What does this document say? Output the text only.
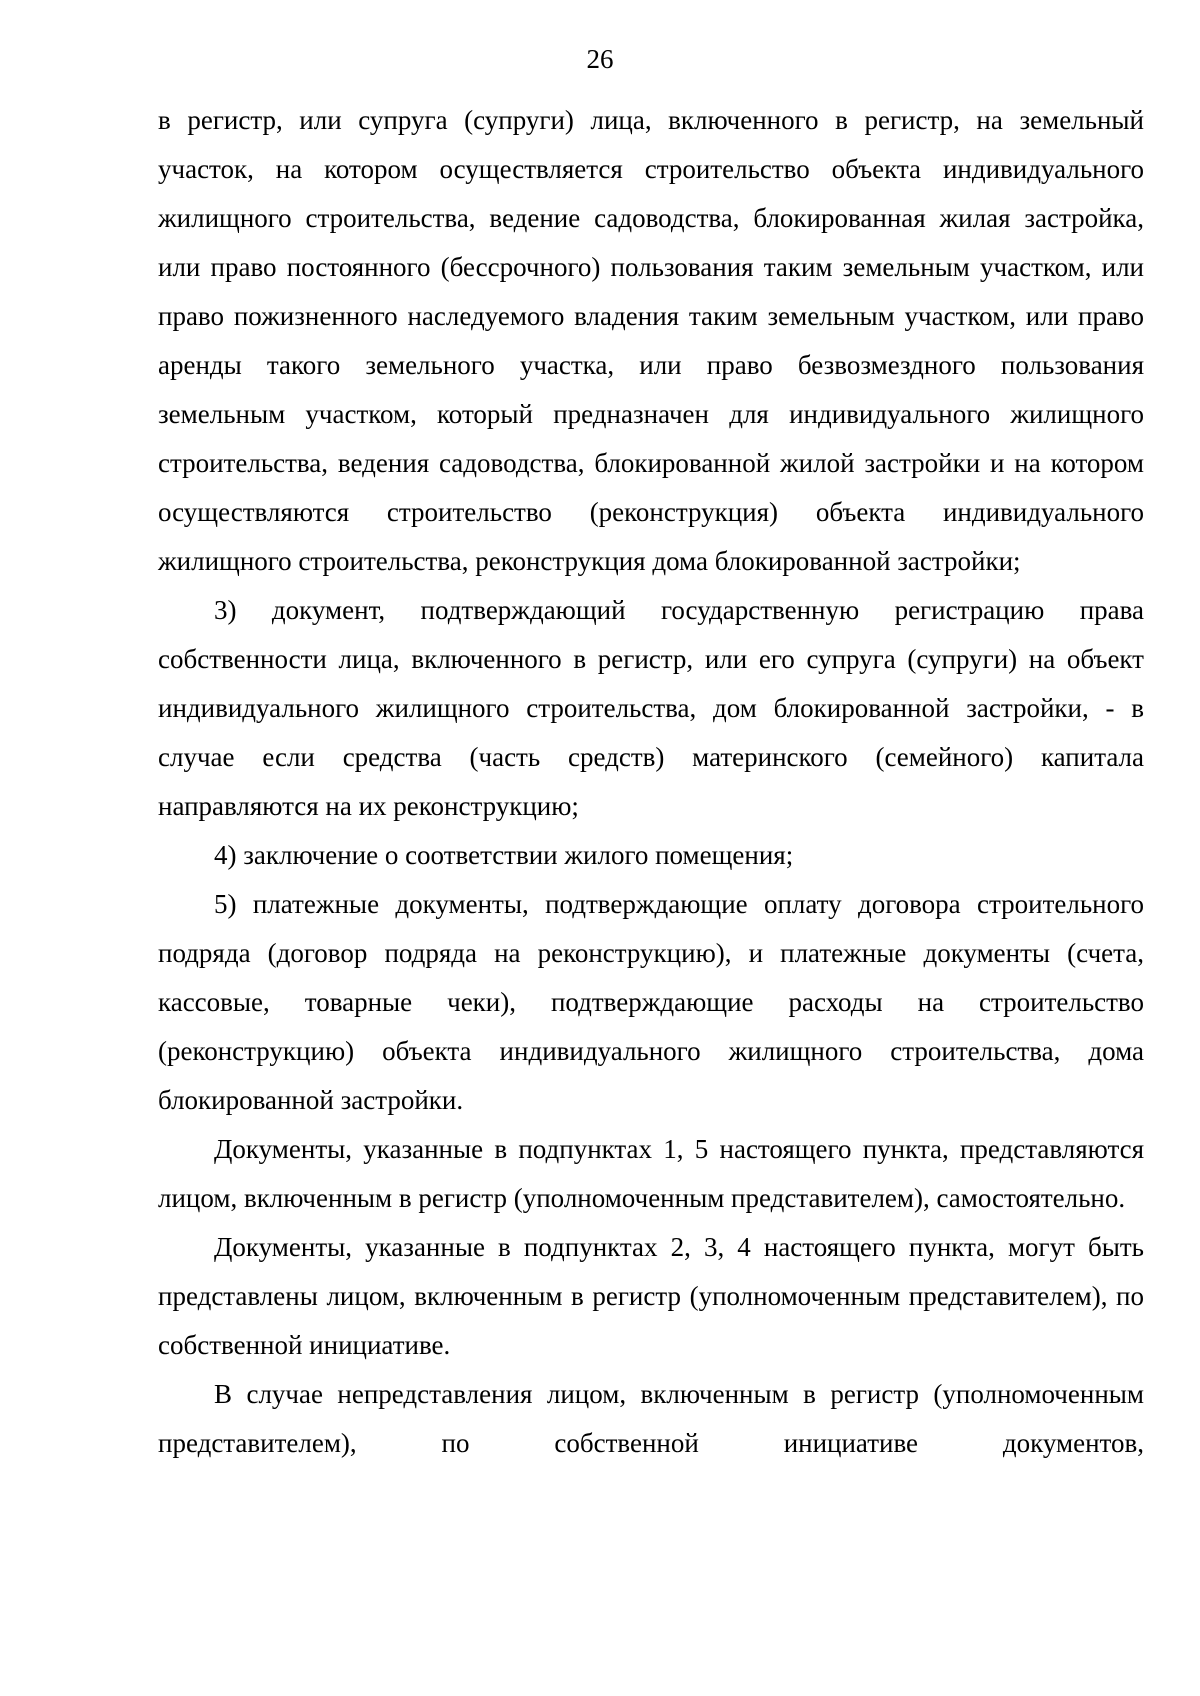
26

в регистр, или супруга (супруги) лица, включенного в регистр, на земельный участок, на котором осуществляется строительство объекта индивидуального жилищного строительства, ведение садоводства, блокированная жилая застройка, или право постоянного (бессрочного) пользования таким земельным участком, или право пожизненного наследуемого владения таким земельным участком, или право аренды такого земельного участка, или право безвозмездного пользования земельным участком, который предназначен для индивидуального жилищного строительства, ведения садоводства, блокированной жилой застройки и на котором осуществляются строительство (реконструкция) объекта индивидуального жилищного строительства, реконструкция дома блокированной застройки;

3) документ, подтверждающий государственную регистрацию права собственности лица, включенного в регистр, или его супруга (супруги) на объект индивидуального жилищного строительства, дом блокированной застройки, - в случае если средства (часть средств) материнского (семейного) капитала направляются на их реконструкцию;

4) заключение о соответствии жилого помещения;

5) платежные документы, подтверждающие оплату договора строительного подряда (договор подряда на реконструкцию), и платежные документы (счета, кассовые, товарные чеки), подтверждающие расходы на строительство (реконструкцию) объекта индивидуального жилищного строительства, дома блокированной застройки.

Документы, указанные в подпунктах 1, 5 настоящего пункта, представляются лицом, включенным в регистр (уполномоченным представителем), самостоятельно.

Документы, указанные в подпунктах 2, 3, 4 настоящего пункта, могут быть представлены лицом, включенным в регистр (уполномоченным представителем), по собственной инициативе.

В случае непредставления лицом, включенным в регистр (уполномоченным представителем), по собственной инициативе документов,
